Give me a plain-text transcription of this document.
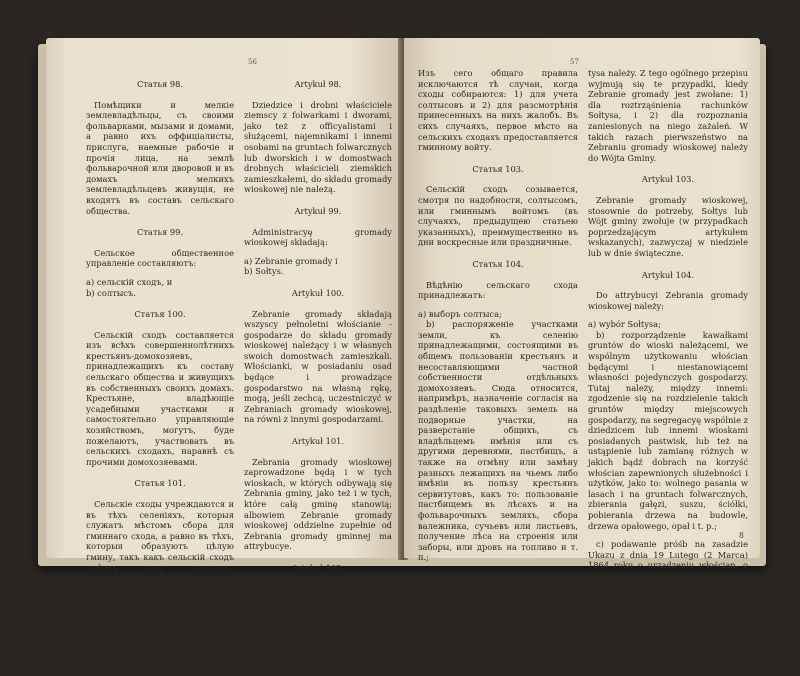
56

Статья 98.

Помѣщики и мелкіе землевладѣльцы, съ своими фольварками, мызами и домами, а равно ихъ оффиціалисты, прислуга, наемные рабочіе и прочія лица, на землѣ фольварочной или дворовой и въ домахъ мелкихъ землевладѣльцевъ живущія, не входятъ въ составъ сельскаго общества.

Статья 99.

Сельское общественное управленіе составляютъ:

а) сельскій сходъ, и

b) солтысъ.

Статья 100.

Сельскій сходъ составляется изъ всѣхъ совершеннолѣтнихъ крестьянъ-домохозяевъ, принадлежащихъ къ составу сельскаго общества и живущихъ въ собственныхъ своихъ домахъ. Крестьяне, владѣющіе усадебными участками и самостоятельно управляющіе хозяйствомъ, могутъ, буде пожелаютъ, участвовать въ сельскихъ сходахъ, наравнѣ съ прочими домохозяевами.

Статья 101.

Сельскіе сходы учреждаются и въ тѣхъ селеніяхъ, которыя служатъ мѣстомъ сбора для гминнаго схода, а равно въ тѣхъ, которыя образуютъ цѣлую гмину, такъ какъ сельскій сходъ имѣетъ свои предметы вѣдомства, особые отъ схода гминнаго.

Статья 102.

Первое мѣсто на сельскомъ сходѣ и охраненіе на немъ должнаго порядка принадлежитъ солтысу.

Artykuł 98.

Dziedzice i drobni właściciele ziemscy z folwarkami i dworami, jako też z officyalistami i służącemi, najemnikami i innemi osobami na gruntach folwarcznych lub dworskich i w domostwach drobnych właścicieli ziemskich zamieszkałemi, do składu gromady wioskowej nie należą.

Artykuł 99.

Administracyę gromady wioskowej składają:

a) Zebranie gromady i

b) Sołtys.

Artykuł 100.

Zebranie gromady składają wszyscy pełnoletni włościanie - gospodarze do składu gromady wioskowej należący i w własnych swoich domostwach zamieszkali. Włościanki, w posiadaniu osad będące i prowadzące gospodarstwo na własną rękę, mogą, jeśli zechcą, uczestniczyć w Zebraniach gromady wioskowej, na równi z innymi gospodarzami.

Artykuł 101.

Zebrania gromady wioskowej zaprowadzone będą i w tych wioskach, w których odbywają się Zebrania gminy, jako też i w tych, które całą gminę stanowią; albowiem Zebranie gromady wioskowej oddzielne zupełnie od Zebrania gromady gminnej ma attrybucye.

Artykuł 102.

Pierwszeństwo na zebraniu gromady wioskowej i utrzymanie w niem należytego porządku do Soł-

57

Изъ сего общаго правила исключаются тѣ случаи, когда сходы собираются: 1) для учета солтысовъ и 2) для разсмотрѣнія принесенныхъ на нихъ жалобъ. Въ сихъ случаяхъ, первое мѣсто на сельскихъ сходахъ предоставляется гминному войту.

Статья 103.

Сельскій сходъ созывается, смотря по надобности, солтысомъ, или гминнымъ войтомъ (въ случаяхъ, предыдущею статьею указанныхъ), преимущественно въ дни воскресные или праздничные.

Статья 104.

Вѣдѣнію сельскаго схода принадлежатъ:

а) выборъ солтыса;

b) распоряженіе участками земли, къ селенію принадлежащими, состоящими въ общемъ пользованіи крестьянъ и несоставляющими частной собственности отдѣльныхъ домохозяевъ. Сюда относится, напримѣръ, назначеніе согласія на раздѣленіе таковыхъ земель на подворные участки, на разверстаніе общихъ, съ владѣльцемъ имѣнія или съ другими деревнями, пастбищъ, а также на отмѣну или замѣну разныхъ лежащихъ на чьемъ либо имѣніи въ пользу крестьянъ сервитутовъ, какъ то: пользованіе пастбищемъ въ лѣсахъ и на фольварочныхъ земляхъ, сбора валежника, сучьевъ или листьевъ, получение лѣса на строенія или заборы, или дровъ на топливо и т. п.;

c) ходатайство, на основаніи указа 19 Февраля (2 Марта) 1864 года объ устройствѣ крестьянъ, о производствѣ новой между домохозяевами, болѣе уравнительной раскладки причитающагося съ нихъ поземельнаго налога;

tysa należy. Z tego ogólnego przepisu wyjmują się te przypadki, kiedy Zebranie gromady jest zwołane: 1) dla roztrząśnienia rachunków Sołtysa, i 2) dla rozpoznania zaniesionych na niego zażaleń. W takich razach pierwszeństwo na Zebraniu gromady wioskowej należy do Wójta Gminy.

Artykuł 103.

Zebranie gromady wioskowej, stosownie do potrzeby, Sołtys lub Wójt gminy zwołuje (w przypadkach poprzedzającym artykułem wskazanych), zazwyczaj w niedziele lub w dnie świąteczne.

Artykuł 104.

Do attrybucyi Zebrania gromady wioskowej należy:

a) wybór Sołtysa;

b) rozporządzenie kawałkami gruntów do wioski należącemi, we wspólnym użytkowaniu włościan będącymi i niestanowiącemi własności pojedynczych gospodarzy. Tutaj należy, między innemi: zgodzenie się na rozdzielenie takich gruntów między miejscowych gospodarzy, na segregacyę wspólnie z dziedzicem lub innemi wioskami posiadanych pastwisk, lub też na ustąpienie lub zamianę różnych w jakich bądź dobrach na korzyść włościan zapewnionych służebności i użytków, jako to: wolnego pasania w lasach i na gruntach folwarcznych, zbierania gałęzi, suszu, ściółki, pobierania drzewa na budowle, drzewa opałowego, opał i t. p.;

c) podawanie próśb na zasadzie Ukazu z dnia 19 Lutego (2 Marca) 1864 roku o urządzeniu włościan, o dopełnienie nowego między gospodarzami sprawiedliwszego rozkładu przypadającego od nich podatku gruntowego;

8
